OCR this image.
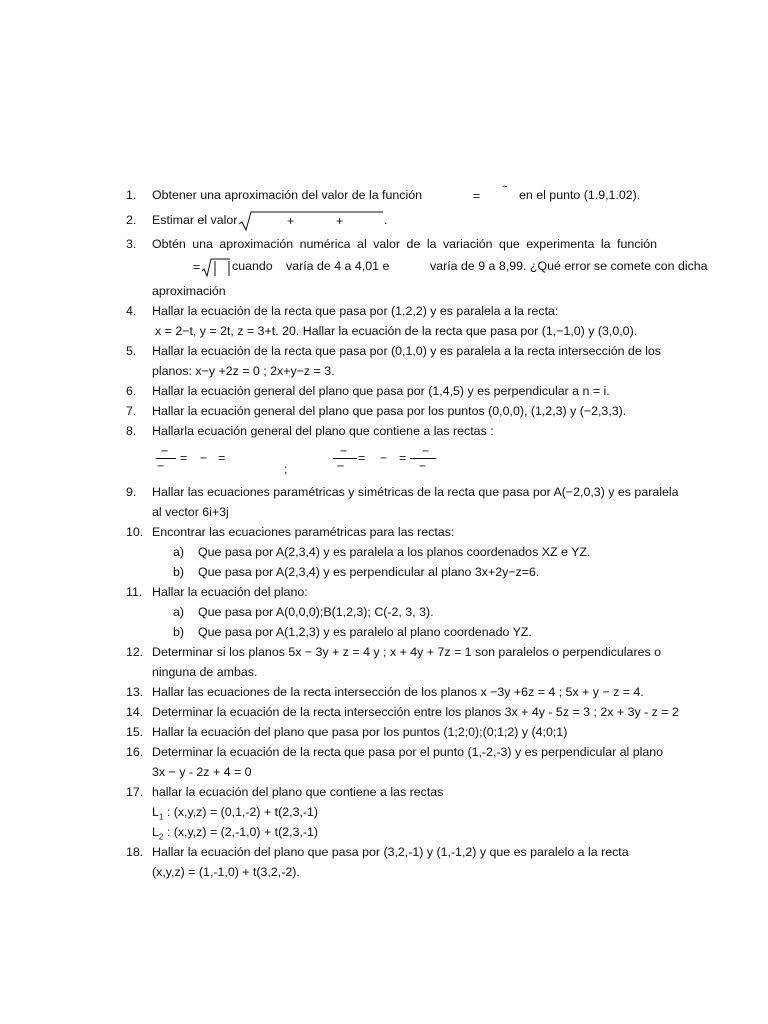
1.	Obtener una aproximación del valor de la función	= ˜ en el punto (1.9,1.02).
2.	Estimar el valor	+	+	.
3.	Obtén una aproximación numérica al valor de la variación que experimenta la función
=	cuando varía de 4 a 4,01 e	varía de 9 a 8,99. ¿Qué error se comete con dicha
aproximación
4.	Hallar la ecuación de la recta que pasa por (1,2,2) y es paralela a la recta:
x = 2−t, y = 2t, z = 3+t. 20. Hallar la ecuación de la recta que pasa por (1,−1,0) y (3,0,0).
5.	Hallar la ecuación de la recta que pasa por (0,1,0) y es paralela a la recta intersección de los
planos: x−y +2z = 0 ; 2x+y−z = 3.
6.	Hallar la ecuación general del plano que pasa por (1,4,5) y es perpendicular a n = i.
7.	Hallar la ecuación general del plano que pasa por los puntos (0,0,0), (1,2,3) y (−2,3,3).
8.	Hallarla ecuación general del plano que contiene a las rectas :
−
−
= − =
;
−
−
= − = −
−
9.	Hallar las ecuaciones paramétricas y simétricas de la recta que pasa por A(−2,0,3) y es paralela
al vector 6i+3j
10. Encontrar las ecuaciones paramétricas para las rectas:
a) Que pasa por A(2,3,4) y es paralela a los planos coordenados XZ e YZ.
b) Que pasa por A(2,3,4) y es perpendicular al plano 3x+2y−z=6.
11. Hallar la ecuación del plano:
a) Que pasa por A(0,0,0);B(1,2,3); C(-2, 3, 3).
b) Que pasa por A(1,2,3) y es paralelo al plano coordenado YZ.
12. Determinar si los planos 5x − 3y + z = 4 y ; x + 4y + 7z = 1 son paralelos o perpendiculares o
ninguna de ambas.
13. Hallar las ecuaciones de la recta intersección de los planos x −3y +6z = 4 ; 5x + y − z = 4.
14. Determinar la ecuación de la recta intersección entre los planos 3x + 4y - 5z = 3 ; 2x + 3y - z = 2
15. Hallar la ecuación del plano que pasa por los puntos (1;2;0);(0;1;2) y (4;0;1)
16. Determinar la ecuación de la recta que pasa por el punto (1,-2,-3) y es perpendicular al plano
3x − y - 2z + 4 = 0
17. hallar la ecuación del plano que contiene a las rectas
$L_1$ : (x,y,z) = (0,1,-2) + t(2,3,-1)
$L_2$ : (x,y,z) = (2,-1,0) + t(2,3,-1)
18. Hallar la ecuación del plano que pasa por (3,2,-1) y (1,-1,2) y que es paralelo a la recta
(x,y,z) = (1,-1,0) + t(3,2,-2).
